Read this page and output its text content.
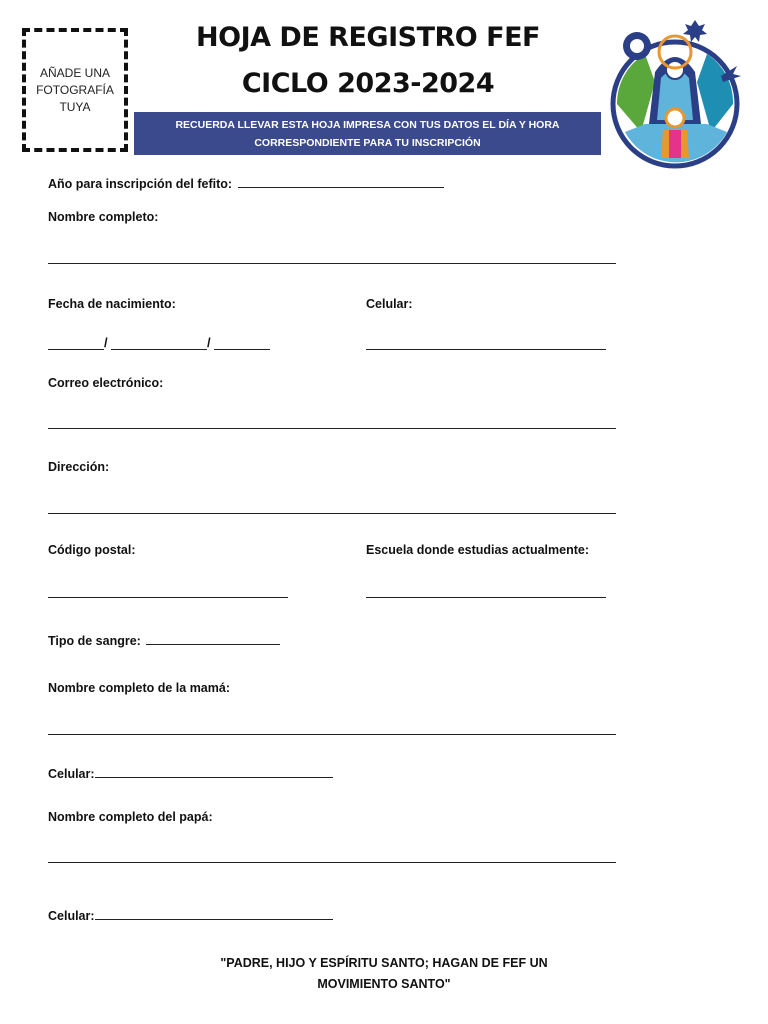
AÑADE UNA FOTOGRAFÍA TUYA
HOJA DE REGISTRO FEF
CICLO 2023-2024
RECUERDA LLEVAR ESTA HOJA IMPRESA CON TUS DATOS EL DÍA Y HORA CORRESPONDIENTE PARA TU INSCRIPCIÓN
Año para inscripción del fefito:
Nombre completo:
Fecha de nacimiento:	Celular:
/	/
Correo electrónico:
Dirección:
Código postal:	Escuela donde estudias actualmente:
Tipo de sangre:
Nombre completo de la mamá:
Celular:
Nombre completo del papá:
Celular:
"PADRE, HIJO Y ESPÍRITU SANTO; HAGAN DE FEF UN
MOVIMIENTO SANTO"
